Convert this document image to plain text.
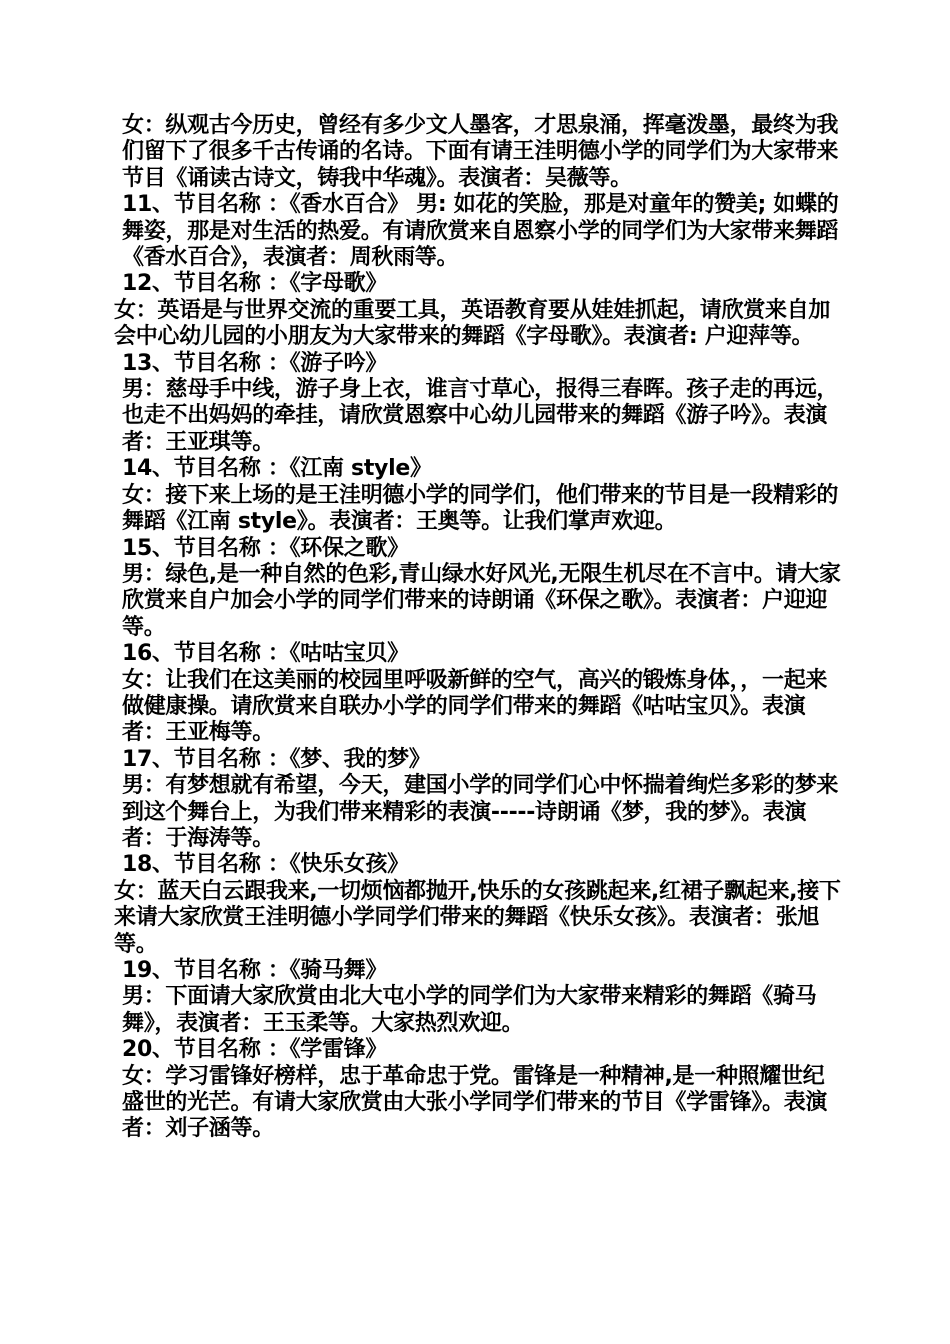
女：纵观古今历史，曾经有多少文人墨客，才思泉涌，挥毫泼墨，最终为我们留下了很多千古传诵的名诗。下面有请王洼明德小学的同学们为大家带来节目《诵读古诗文，铸我中华魂》。表演者：吴薇等。

11、节目名称 ：《香水百合》 男: 如花的笑脸，那是对童年的赞美; 如蝶的舞姿，那是对生活的热爱。有请欣赏来自恩察小学的同学们为大家带来舞蹈《香水百合》，表演者：周秋雨等。

12、节目名称 ：《字母歌》

女：英语是与世界交流的重要工具，英语教育要从娃娃抓起，请欣赏来自加会中心幼儿园的小朋友为大家带来的舞蹈《字母歌》。表演者: 户迎萍等。

13、节目名称 ：《游子吟》

男：慈母手中线，游子身上衣，谁言寸草心，报得三春晖。孩子走的再远，也走不出妈妈的牵挂，请欣赏恩察中心幼儿园带来的舞蹈《游子吟》。表演者：王亚琪等。

14、节目名称 ：《江南 style》

女：接下来上场的是王洼明德小学的同学们，他们带来的节目是一段精彩的舞蹈《江南 style》。表演者：王奥等。让我们掌声欢迎。

15、节目名称 ：《环保之歌》

男：绿色,是一种自然的色彩,青山绿水好风光,无限生机尽在不言中。请大家欣赏来自户加会小学的同学们带来的诗朗诵《环保之歌》。表演者：户迎迎等。

16、节目名称 ：《咕咕宝贝》

女：让我们在这美丽的校园里呼吸新鲜的空气，高兴的锻炼身体，，一起来做健康操。请欣赏来自联办小学的同学们带来的舞蹈《咕咕宝贝》。表演者：王亚梅等。

17、节目名称 ：《梦、我的梦》

男：有梦想就有希望，今天，建国小学的同学们心中怀揣着绚烂多彩的梦来到这个舞台上，为我们带来精彩的表演-----诗朗诵《梦，我的梦》。表演者：于海涛等。

18、节目名称 ：《快乐女孩》

女：蓝天白云跟我来,一切烦恼都抛开,快乐的女孩跳起来,红裙子飘起来,接下来请大家欣赏王洼明德小学同学们带来的舞蹈《快乐女孩》。表演者：张旭等。

19、节目名称 ：《骑马舞》

男：下面请大家欣赏由北大屯小学的同学们为大家带来精彩的舞蹈《骑马舞》，表演者：王玉柔等。大家热烈欢迎。

20、节目名称 ：《学雷锋》

女：学习雷锋好榜样，忠于革命忠于党。雷锋是一种精神,是一种照耀世纪盛世的光芒。有请大家欣赏由大张小学同学们带来的节目《学雷锋》。表演者：刘子涵等。
